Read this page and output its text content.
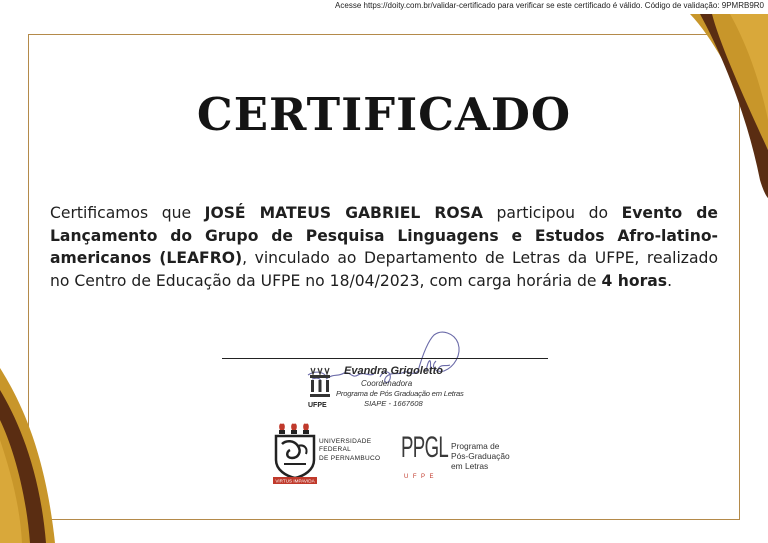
Acesse https://doity.com.br/validar-certificado para verificar se este certificado é válido. Código de validação: 9PMRB9R0
CERTIFICADO
Certificamos que JOSÉ MATEUS GABRIEL ROSA participou do Evento de Lançamento do Grupo de Pesquisa Linguagens e Estudos Afro-latino-americanos (LEAFRO), vinculado ao Departamento de Letras da UFPE, realizado no Centro de Educação da UFPE no 18/04/2023, com carga horária de 4 horas.
UFPE
Evandra Grigoletto
Coordenadora
Programa de Pós Graduação em Letras
SIAPE - 1667608
VIRTUS IMPAVIDA
UNIVERSIDADE
FEDERAL
DE PERNAMBUCO PPGL
UFPE
Programa de
Pós-Graduação
em Letras
